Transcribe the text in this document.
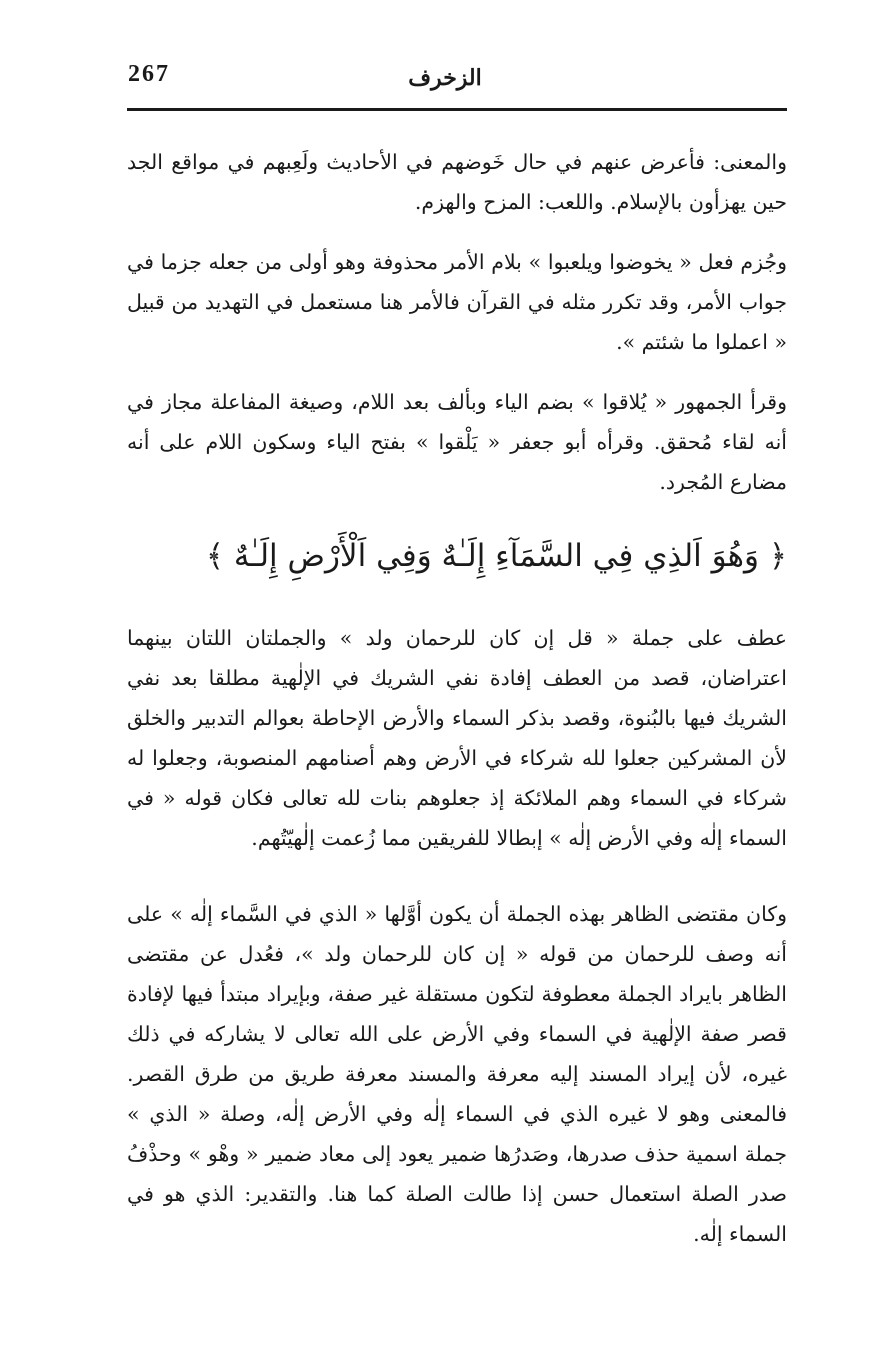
267	الزخرف

والمعنى: فأعرض عنهم في حال خَوضهم في الأحاديث ولَعِبهم في مواقع الجد حين يهزأون بالإسلام. واللعب: المزح والهزم.

وجُزم فعل « يخوضوا ويلعبوا » بلام الأمر محذوفة وهو أولى من جعله جزما في جواب الأمر، وقد تكرر مثله في القرآن فالأمر هنا مستعمل في التهديد من قبيل « اعملوا ما شئتم ».

وقرأ الجمهور « يُلاقوا » بضم الياء وبألف بعد اللام، وصيغة المفاعلة مجاز في أنه لقاء مُحقق. وقرأه أبو جعفر « يَلْقوا » بفتح الياء وسكون اللام على أنه مضارع المُجرد.

﴿ وَهُوَ اَلذِي فِي السَّمَآءِ إِلَـٰهٌ وَفِي اَلْأَرْضِ إِلَـٰهٌ ﴾

عطف على جملة « قل إن كان للرحمان ولد » والجملتان اللتان بينهما اعتراضان، قصد من العطف إفادة نفي الشريك في الإلٰهية مطلقا بعد نفي الشريك فيها بالبُنوة، وقصد بذكر السماء والأرض الإحاطة بعوالم التدبير والخلق لأن المشركين جعلوا لله شركاء في الأرض وهم أصنامهم المنصوبة، وجعلوا له شركاء في السماء وهم الملائكة إذ جعلوهم بنات لله تعالى فكان قوله « في السماء إلٰه وفي الأرض إلٰه » إبطالا للفريقين مما زُعمت إلٰهيّتُهم.

وكان مقتضى الظاهر بهذه الجملة أن يكون أوَّلها « الذي في السَّماء إلٰه » على أنه وصف للرحمان من قوله « إن كان للرحمان ولد »، فعُدل عن مقتضى الظاهر بايراد الجملة معطوفة لتكون مستقلة غير صفة، وبإيراد مبتدأ فيها لإفادة قصر صفة الإلٰهية في السماء وفي الأرض على الله تعالى لا يشاركه في ذلك غيره، لأن إيراد المسند إليه معرفة والمسند معرفة طريق من طرق القصر. فالمعنى وهو لا غيره الذي في السماء إلٰه وفي الأرض إلٰه، وصلة « الذي » جملة اسمية حذف صدرها، وصَدرُها ضمير يعود إلى معاد ضمير « وهْو » وحذْفُ صدر الصلة استعمال حسن إذا طالت الصلة كما هنا. والتقدير: الذي هو في السماء إلٰه.
